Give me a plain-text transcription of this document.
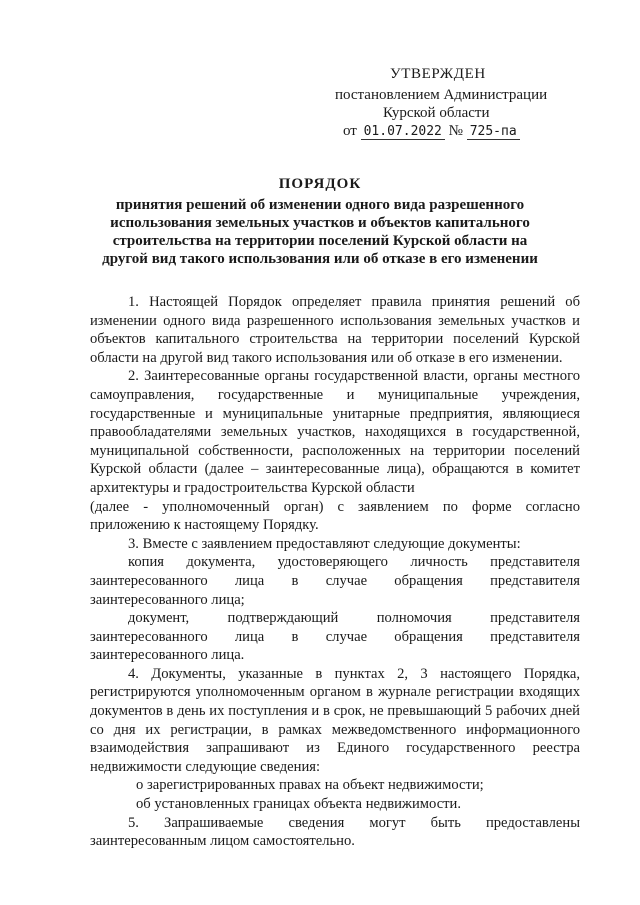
УТВЕРЖДЕН
постановлением Администрации
Курской области
от 01.07.2022 № 725-па
ПОРЯДОК
принятия решений об изменении одного вида разрешенного использования земельных участков и объектов капитального строительства на территории поселений Курской области на другой вид такого использования или об отказе в его изменении

1. Настоящей Порядок определяет правила принятия решений об изменении одного вида разрешенного использования земельных участков и объектов капитального строительства на территории поселений Курской области на другой вид такого использования или об отказе в его изменении.

2. Заинтересованные органы государственной власти, органы местного самоуправления, государственные и муниципальные учреждения, государственные и муниципальные унитарные предприятия, являющиеся правообладателями земельных участков, находящихся в государственной, муниципальной собственности, расположенных на территории поселений Курской области (далее – заинтересованные лица), обращаются в комитет архитектуры и градостроительства Курской области

(далее - уполномоченный орган) с заявлением по форме согласно приложению к настоящему Порядку.

3. Вместе с заявлением предоставляют следующие документы:

копия документа, удостоверяющего личность представителя заинтересованного лица в случае обращения представителя заинтересованного лица;

документ, подтверждающий полномочия представителя заинтересованного лица в случае обращения представителя заинтересованного лица.

4. Документы, указанные в пунктах 2, 3 настоящего Порядка, регистрируются уполномоченным органом в журнале регистрации входящих документов в день их поступления и в срок, не превышающий 5 рабочих дней со дня их регистрации, в рамках межведомственного информационного взаимодействия запрашивают из Единого государственного реестра недвижимости следующие сведения:

о зарегистрированных правах на объект недвижимости;

об установленных границах объекта недвижимости.

5. Запрашиваемые сведения могут быть предоставлены заинтересованным лицом самостоятельно.
